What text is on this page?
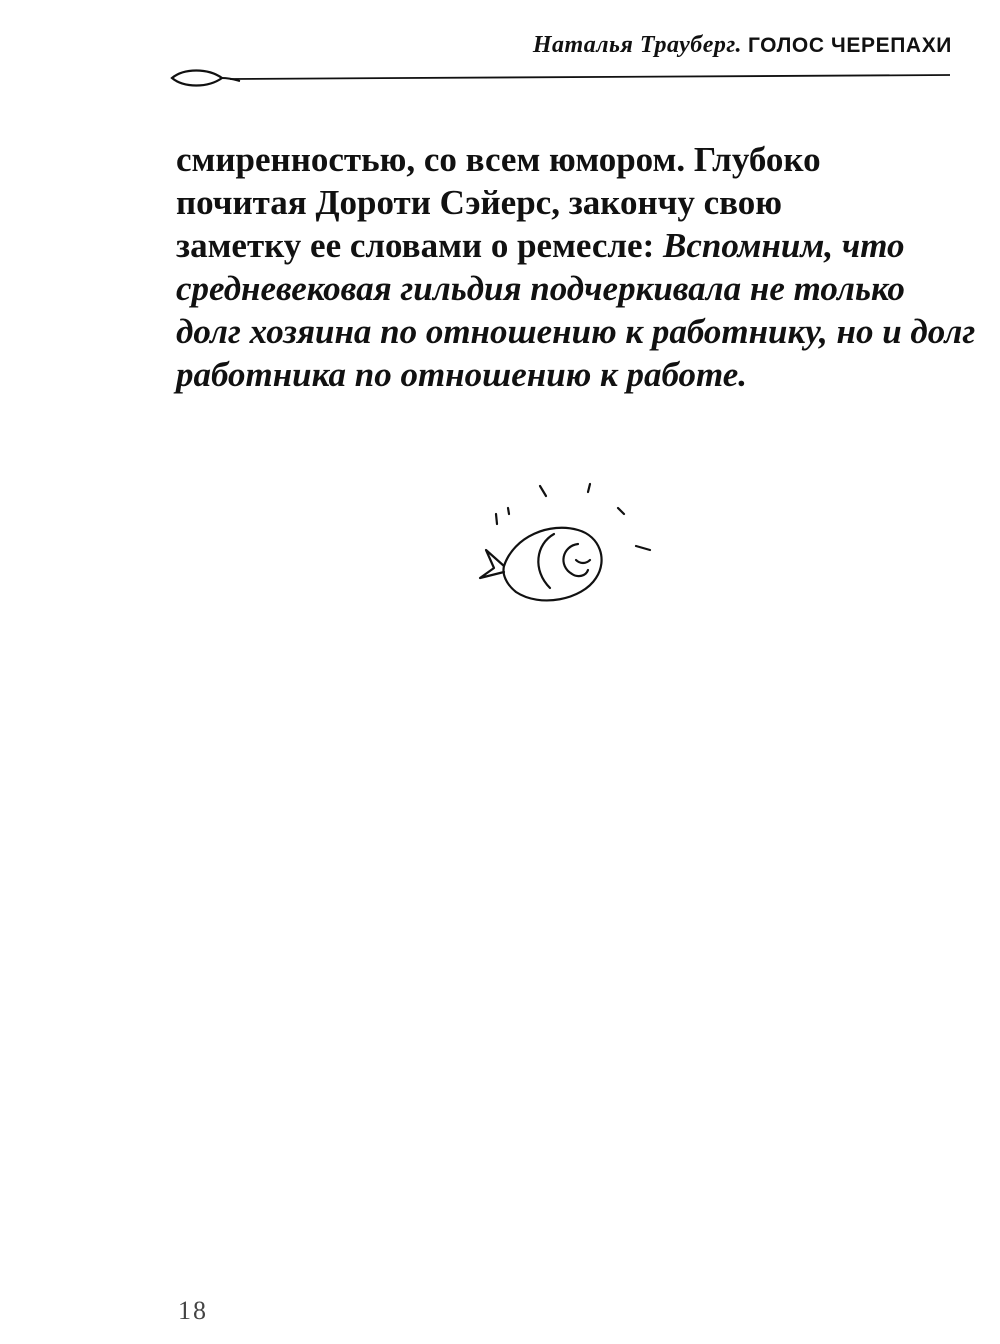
Наталья Трауберг. ГОЛОС ЧЕРЕПАХИ
смиренностью, со всем юмором. Глубоко
почитая Дороти Сэйерс, закончу свою
заметку ее словами о ремесле: Вспомним, что
средневековая гильдия подчеркивала не только
долг хозяина по отношению к работнику, но и долг
работника по отношению к работе.
18
